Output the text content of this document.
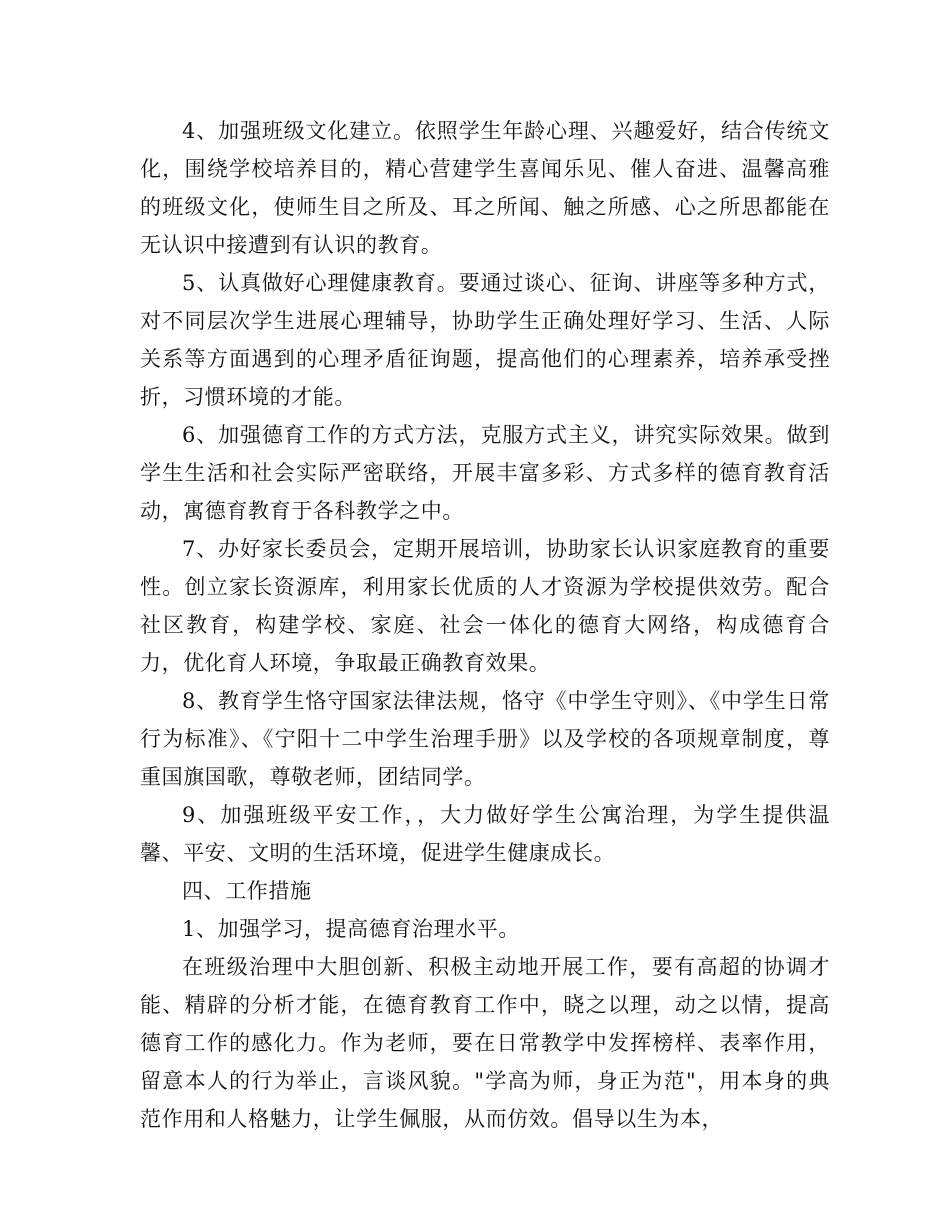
4、加强班级文化建立。依照学生年龄心理、兴趣爱好，结合传统文化，围绕学校培养目的，精心营建学生喜闻乐见、催人奋进、温馨高雅的班级文化，使师生目之所及、耳之所闻、触之所感、心之所思都能在无认识中接遭到有认识的教育。

5、认真做好心理健康教育。要通过谈心、征询、讲座等多种方式，对不同层次学生进展心理辅导，协助学生正确处理好学习、生活、人际关系等方面遇到的心理矛盾征询题，提高他们的心理素养，培养承受挫折，习惯环境的才能。

6、加强德育工作的方式方法，克服方式主义，讲究实际效果。做到学生生活和社会实际严密联络，开展丰富多彩、方式多样的德育教育活动，寓德育教育于各科教学之中。

7、办好家长委员会，定期开展培训，协助家长认识家庭教育的重要性。创立家长资源库，利用家长优质的人才资源为学校提供效劳。配合社区教育，构建学校、家庭、社会一体化的德育大网络，构成德育合力，优化育人环境，争取最正确教育效果。

8、教育学生恪守国家法律法规，恪守《中学生守则》、《中学生日常行为标准》、《宁阳十二中学生治理手册》以及学校的各项规章制度，尊重国旗国歌，尊敬老师，团结同学。

9、加强班级平安工作，，大力做好学生公寓治理，为学生提供温馨、平安、文明的生活环境，促进学生健康成长。

四、工作措施

1、加强学习，提高德育治理水平。

在班级治理中大胆创新、积极主动地开展工作，要有高超的协调才能、精辟的分析才能，在德育教育工作中，晓之以理，动之以情，提高德育工作的感化力。作为老师，要在日常教学中发挥榜样、表率作用，留意本人的行为举止，言谈风貌。"学高为师，身正为范"，用本身的典范作用和人格魅力，让学生佩服，从而仿效。倡导以生为本，
